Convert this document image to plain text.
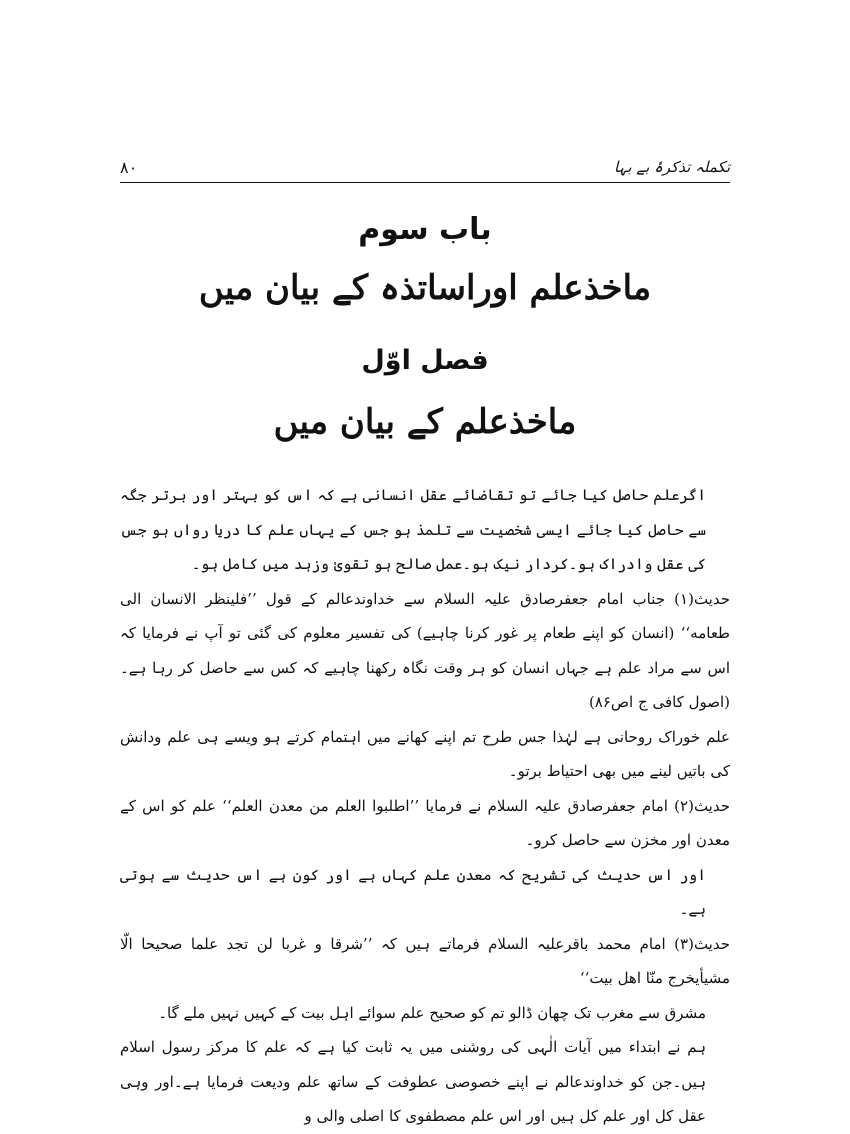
تکملہ تذکرۂ بے بہا
۸۰
باب سوم
ماخذعلم اوراساتذہ کے بیان میں
فصل اوّل
ماخذعلم کے بیان میں

اگرعلم حاصل کیا جائے تو تقاضائے عقل انسانی ہے کہ اس کو بہتر اور برتر جگہ سے حاصل کیا جائے ایسی شخصیت سے تلمذ ہو جس کے یہاں علم کا دریا رواں ہو جس کی عقل وادراک ہو۔کردار نیک ہو۔عمل صالح ہو تقویٰ وزہد میں کامل ہو۔

حدیث(۱) جناب امام جعفرصادق علیہ السلام سے خداوندعالم کے قول ’’فلینظر الانسان الی طعامه‘‘ (انسان کو اپنے طعام پر غور کرنا چاہیے) کی تفسیر معلوم کی گئی تو آپ نے فرمایا کہ اس سے مراد علم ہے جہاں انسان کو ہر وقت نگاہ رکھنا چاہیے کہ کس سے حاصل کر رہا ہے۔(اصول کافی ج اص۸۶)

علم خوراک روحانی ہے لہٰذا جس طرح تم اپنے کھانے میں اہتمام کرتے ہو ویسے ہی علم ودانش کی باتیں لینے میں بھی احتیاط برتو۔

حدیث(۲) امام جعفرصادق علیہ السلام نے فرمایا ’’اطلبوا العلم من معدن العلم‘‘ علم کو اس کے معدن اور مخزن سے حاصل کرو۔

اور اس حدیث کی تشریح کہ معدن علم کہاں ہے اور کون ہے اس حدیث سے ہوتی ہے۔

حدیث(۳) امام محمد باقرعلیہ السلام فرماتے ہیں کہ ’’شرقا و غربا لن تجد علما صحیحا الّا مشیأیخرج منّا اهل بیت‘‘

مشرق سے مغرب تک چھان ڈالو تم کو صحیح علم سوائے اہل بیت کے کہیں نہیں ملے گا۔

ہم نے ابتداء میں آیات الٰہی کی روشنی میں یہ ثابت کیا ہے کہ علم کا مرکز رسول اسلام ہیں۔جن کو خداوندعالم نے اپنے خصوصی عطوفت کے ساتھ علم ودیعت فرمایا ہے۔اور وہی عقل کل اور علم کل ہیں اور اس علم مصطفوی کا اصلی والی و
